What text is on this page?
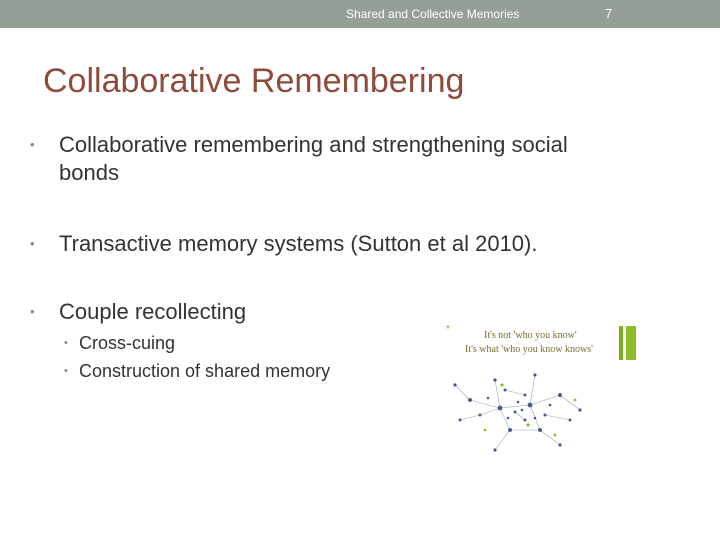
Shared and Collective Memories	7
Collaborative Remembering
•	Collaborative remembering and strengthening social bonds
•	Transactive memory systems (Sutton et al 2010).
•	Couple recollecting
• Cross-cuing
• Construction of shared memory
*
It's not 'who you know'
It's what 'who you know knows'
